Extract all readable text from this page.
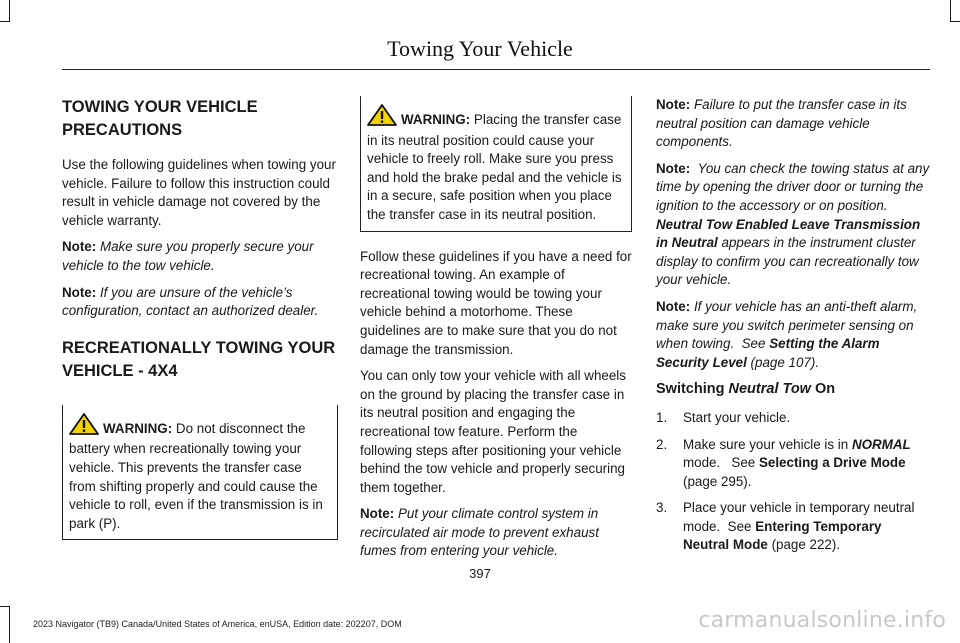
Towing Your Vehicle
TOWING YOUR VEHICLE
PRECAUTIONS

Use the following guidelines when towing your vehicle. Failure to follow this instruction could result in vehicle damage not covered by the vehicle warranty.

Note: Make sure you properly secure your vehicle to the tow vehicle.

Note: If you are unsure of the vehicle’s configuration, contact an authorized dealer.

RECREATIONALLY TOWING YOUR
VEHICLE - 4X4
WARNING: Do not disconnect the battery when recreationally towing your vehicle. This prevents the transfer case from shifting properly and could cause the vehicle to roll, even if the transmission is in park (P).
WARNING: Placing the transfer case in its neutral position could cause your vehicle to freely roll. Make sure you press and hold the brake pedal and the vehicle is in a secure, safe position when you place the transfer case in its neutral position.

Follow these guidelines if you have a need for recreational towing. An example of recreational towing would be towing your vehicle behind a motorhome. These guidelines are to make sure that you do not damage the transmission.

You can only tow your vehicle with all wheels on the ground by placing the transfer case in its neutral position and engaging the recreational tow feature. Perform the following steps after positioning your vehicle behind the tow vehicle and properly securing them together.

Note: Put your climate control system in recirculated air mode to prevent exhaust fumes from entering your vehicle.

Note: Failure to put the transfer case in its neutral position can damage vehicle components.

Note: You can check the towing status at any time by opening the driver door or turning the ignition to the accessory or on position.  Neutral Tow Enabled Leave Transmission in Neutral appears in the instrument cluster display to confirm you can recreationally tow your vehicle.

Note: If your vehicle has an anti-theft alarm, make sure you switch perimeter sensing on when towing. See Setting the Alarm Security Level (page 107).

Switching Neutral Tow On
1. Start your vehicle.
2. Make sure your vehicle is in NORMAL mode. See Selecting a Drive Mode (page 295).
3. Place your vehicle in temporary neutral mode. See Entering Temporary Neutral Mode (page 222).
397
2023 Navigator (TB9) Canada/United States of America, enUSA, Edition date: 202207, DOM	carmanualsonline.info
